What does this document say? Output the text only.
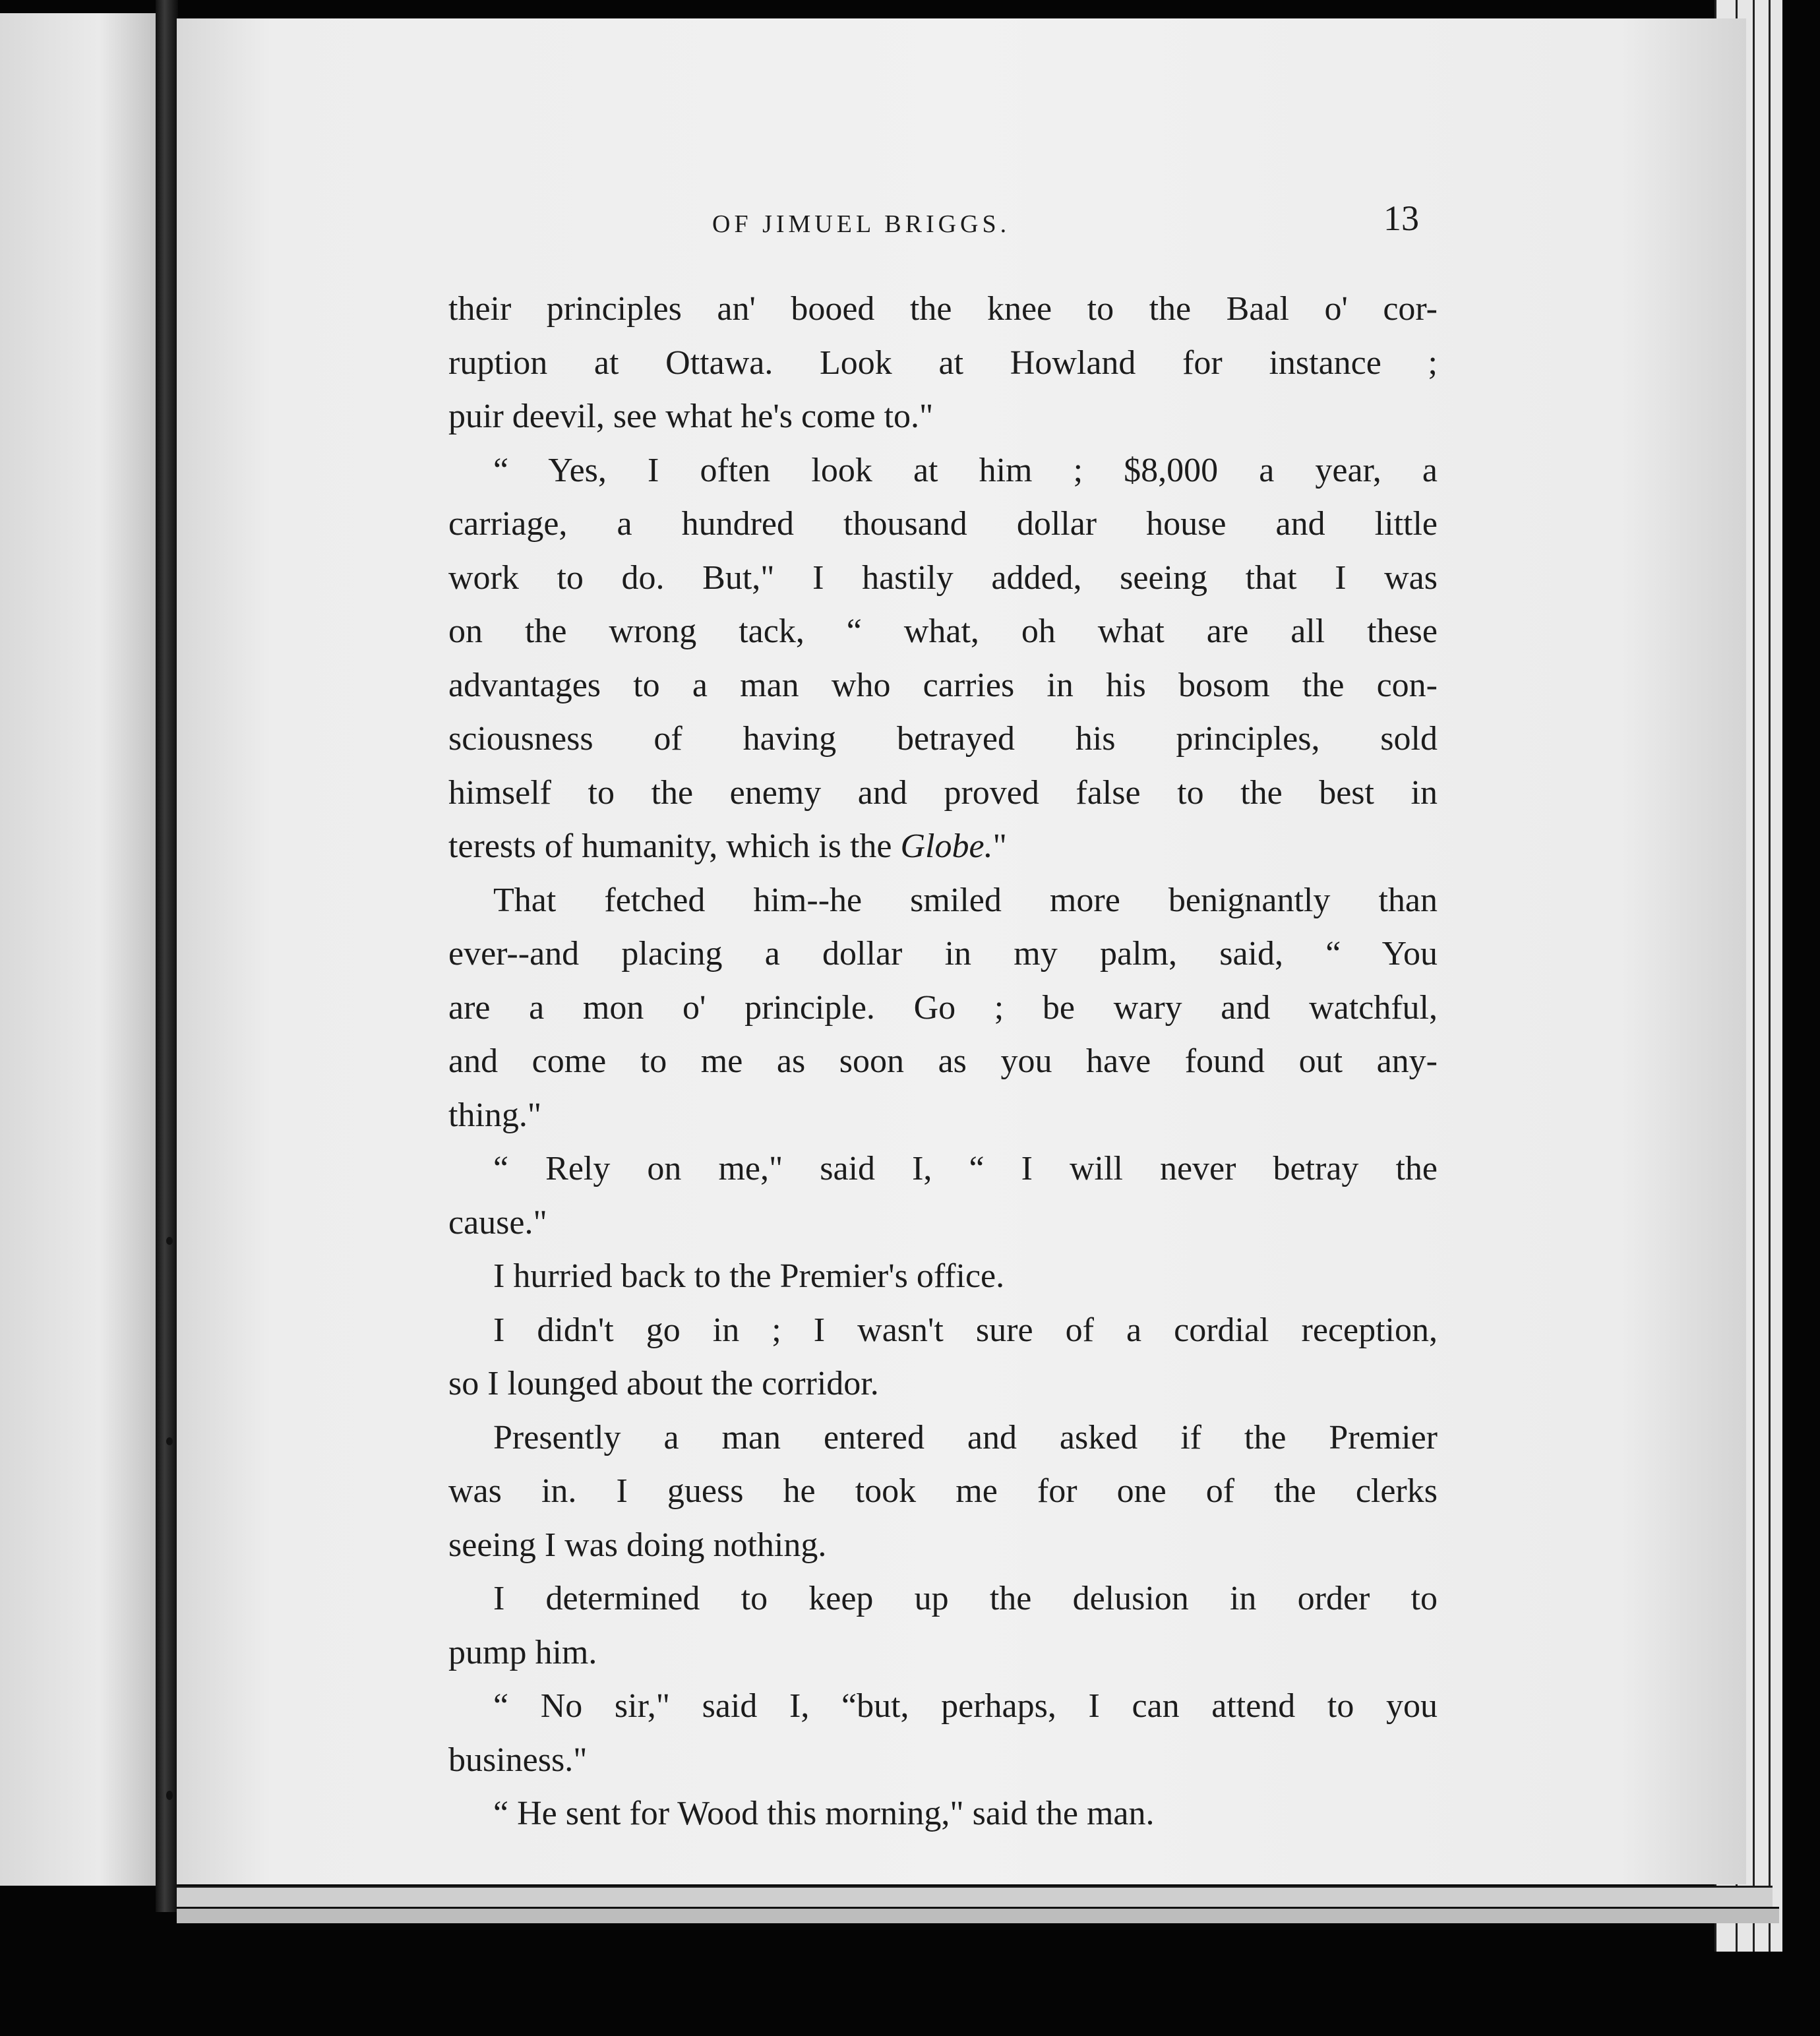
OF JIMUEL BRIGGS.	13
their principles an' booed the knee to the Baal o' cor-
ruption at Ottawa. Look at Howland for instance ;
puir deevil, see what he's come to."
“ Yes, I often look at him ; $8,000 a year, a
carriage, a hundred thousand dollar house and little
work to do. But," I hastily added, seeing that I was
on the wrong tack, “ what, oh what are all these
advantages to a man who carries in his bosom the con-
sciousness of having betrayed his principles, sold
himself to the enemy and proved false to the best in
terests of humanity, which is the Globe."
That fetched him--he smiled more benignantly than
ever--and placing a dollar in my palm, said, “ You
are a mon o' principle. Go ; be wary and watchful,
and come to me as soon as you have found out any-
thing."
“ Rely on me," said I, “ I will never betray the
cause."
I hurried back to the Premier's office.
I didn't go in ; I wasn't sure of a cordial reception,
so I lounged about the corridor.
Presently a man entered and asked if the Premier
was in. I guess he took me for one of the clerks
seeing I was doing nothing.
I determined to keep up the delusion in order to
pump him.
“ No sir," said I, “but, perhaps, I can attend to you
business."
“ He sent for Wood this morning," said the man.
